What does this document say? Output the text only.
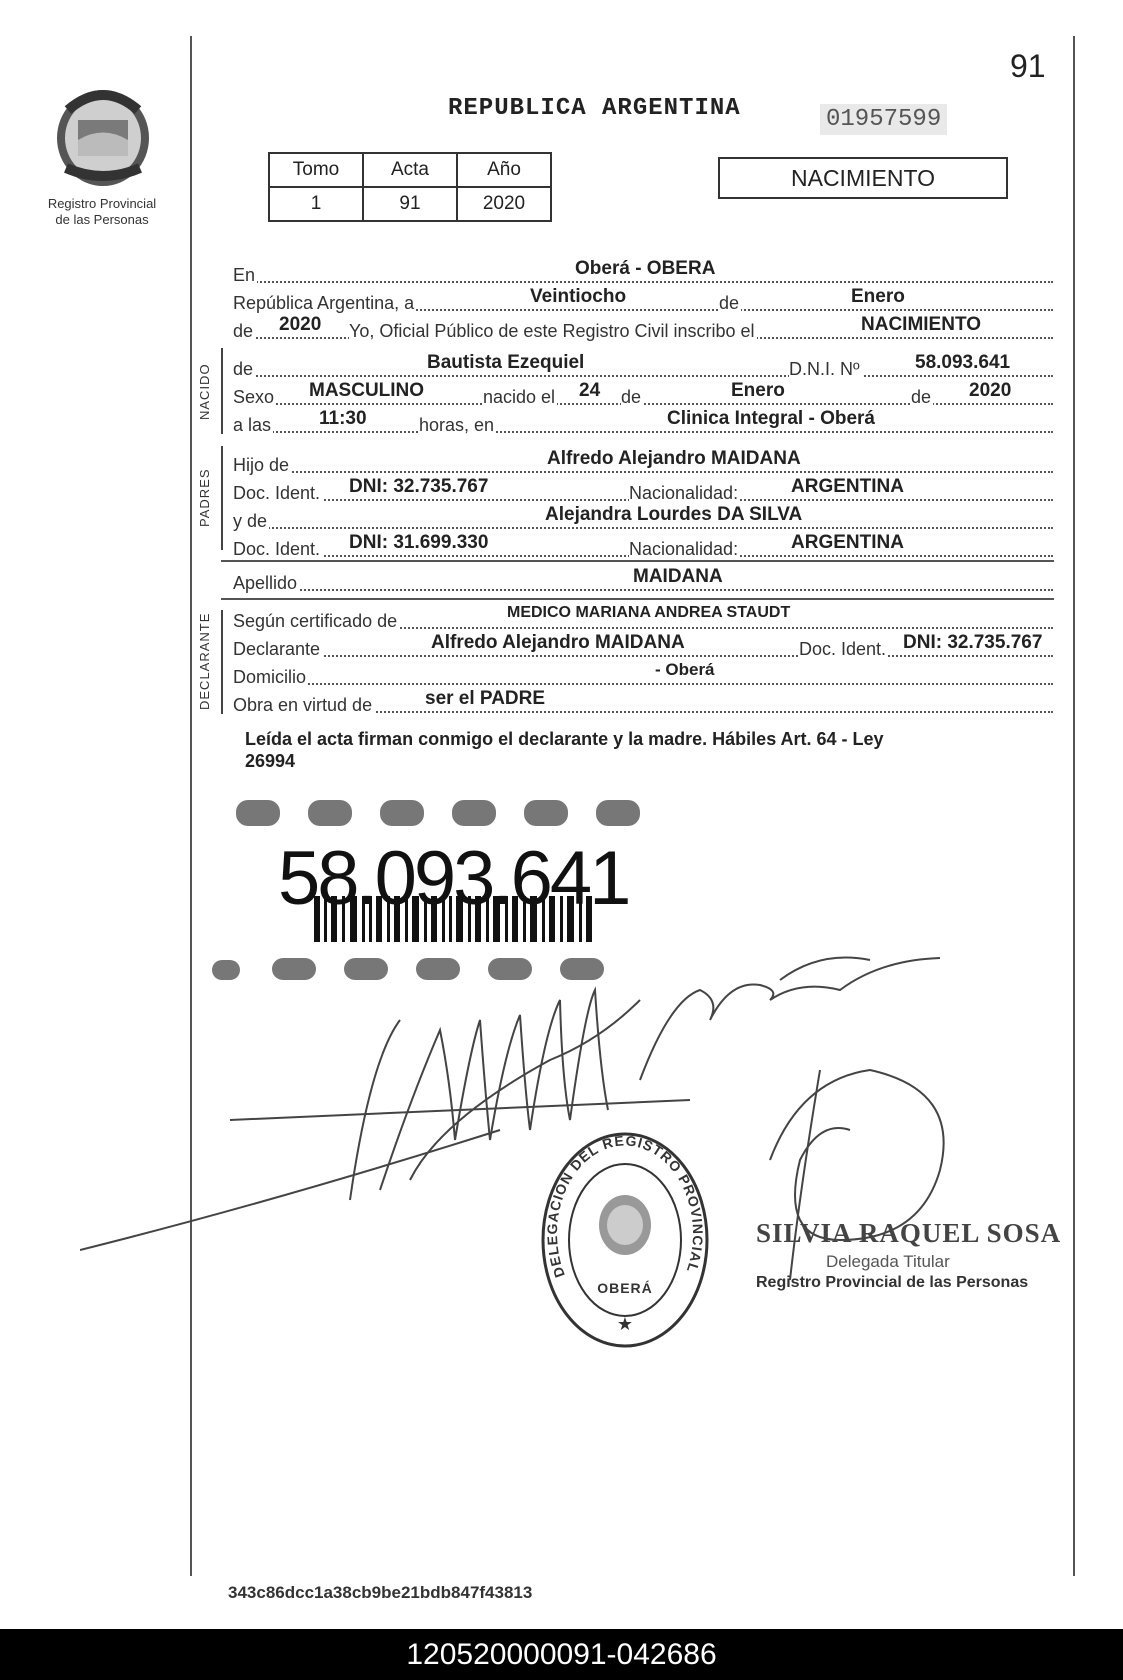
91
Registro Provincial
de las Personas
REPUBLICA ARGENTINA	01957599
Tomo	Acta	Año
1	91	2020
NACIMIENTO
En	Oberá - OBERA
República Argentina, a	Veintiocho	de	Enero
de 2020 Yo, Oficial Público de este Registro Civil inscribo el	NACIMIENTO
NACIDO de	Bautista Ezequiel	D.N.I. Nº	58.093.641
Sexo MASCULINO	nacido el 24 de	Enero	de 2020
a las	11:30	horas, en	Clinica Integral - Oberá
PADRES
Hijo de	Alfredo Alejandro MAIDANA
Doc. Ident. DNI: 32.735.767	Nacionalidad:	ARGENTINA
y de	Alejandra Lourdes DA SILVA
Doc. Ident. DNI: 31.699.330	Nacionalidad:	ARGENTINA
Apellido	MAIDANA
DECLARANTE Según certificado de	MEDICO MARIANA ANDREA STAUDT
Declarante	Alfredo Alejandro MAIDANA	Doc. Ident. DNI: 32.735.767
Domicilio	- Oberá
Obra en virtud de	ser el PADRE
Leída el acta firman conmigo el declarante y la madre. Hábiles Art. 64 - Ley
26994
58.093.641
DELEGACION DEL REGISTRO PROVINCIAL
OBERÁ
★
SILVIA RAQUEL SOSA
Delegada Titular
Registro Provincial de las Personas
343c86dcc1a38cb9be21bdb847f43813
120520000091-042686
